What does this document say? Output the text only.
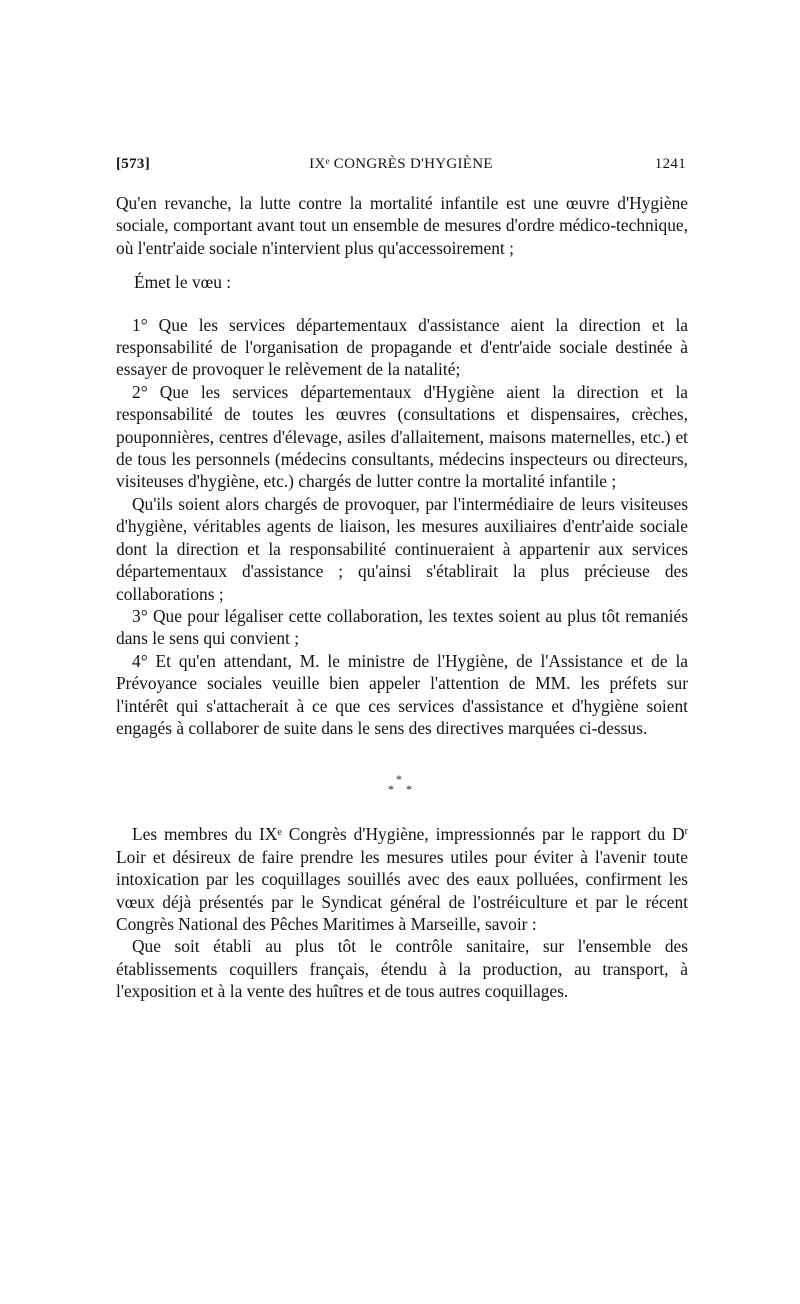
[573]	IXᵉ CONGRÈS D'HYGIÈNE	1241

Qu'en revanche, la lutte contre la mortalité infantile est une œuvre d'Hygiène sociale, comportant avant tout un ensemble de mesures d'ordre médico-technique, où l'entr'aide sociale n'intervient plus qu'accessoirement ;

Émet le vœu :

1° Que les services départementaux d'assistance aient la direction et la responsabilité de l'organisation de propagande et d'entr'aide sociale destinée à essayer de provoquer le relèvement de la natalité;

2° Que les services départementaux d'Hygiène aient la direction et la responsabilité de toutes les œuvres (consultations et dispensaires, crèches, pouponnières, centres d'élevage, asiles d'allaitement, maisons maternelles, etc.) et de tous les personnels (médecins consultants, médecins inspecteurs ou directeurs, visiteuses d'hygiène, etc.) chargés de lutter contre la mortalité infantile ;

Qu'ils soient alors chargés de provoquer, par l'intermédiaire de leurs visiteuses d'hygiène, véritables agents de liaison, les mesures auxiliaires d'entr'aide sociale dont la direction et la responsabilité continueraient à appartenir aux services départementaux d'assistance ; qu'ainsi s'établirait la plus précieuse des collaborations ;

3° Que pour légaliser cette collaboration, les textes soient au plus tôt remaniés dans le sens qui convient ;

4° Et qu'en attendant, M. le ministre de l'Hygiène, de l'Assistance et de la Prévoyance sociales veuille bien appeler l'attention de MM. les préfets sur l'intérêt qui s'attacherait à ce que ces services d'assistance et d'hygiène soient engagés à collaborer de suite dans le sens des directives marquées ci-dessus.

*
* *

Les membres du IXᵉ Congrès d'Hygiène, impressionnés par le rapport du $D^r$ Loir et désireux de faire prendre les mesures utiles pour éviter à l'avenir toute intoxication par les coquillages souillés avec des eaux polluées, confirment les vœux déjà présentés par le Syndicat général de l'ostréiculture et par le récent Congrès National des Pêches Maritimes à Marseille, savoir :

Que soit établi au plus tôt le contrôle sanitaire, sur l'ensemble des établissements coquillers français, étendu à la production, au transport, à l'exposition et à la vente des huîtres et de tous autres coquillages.
